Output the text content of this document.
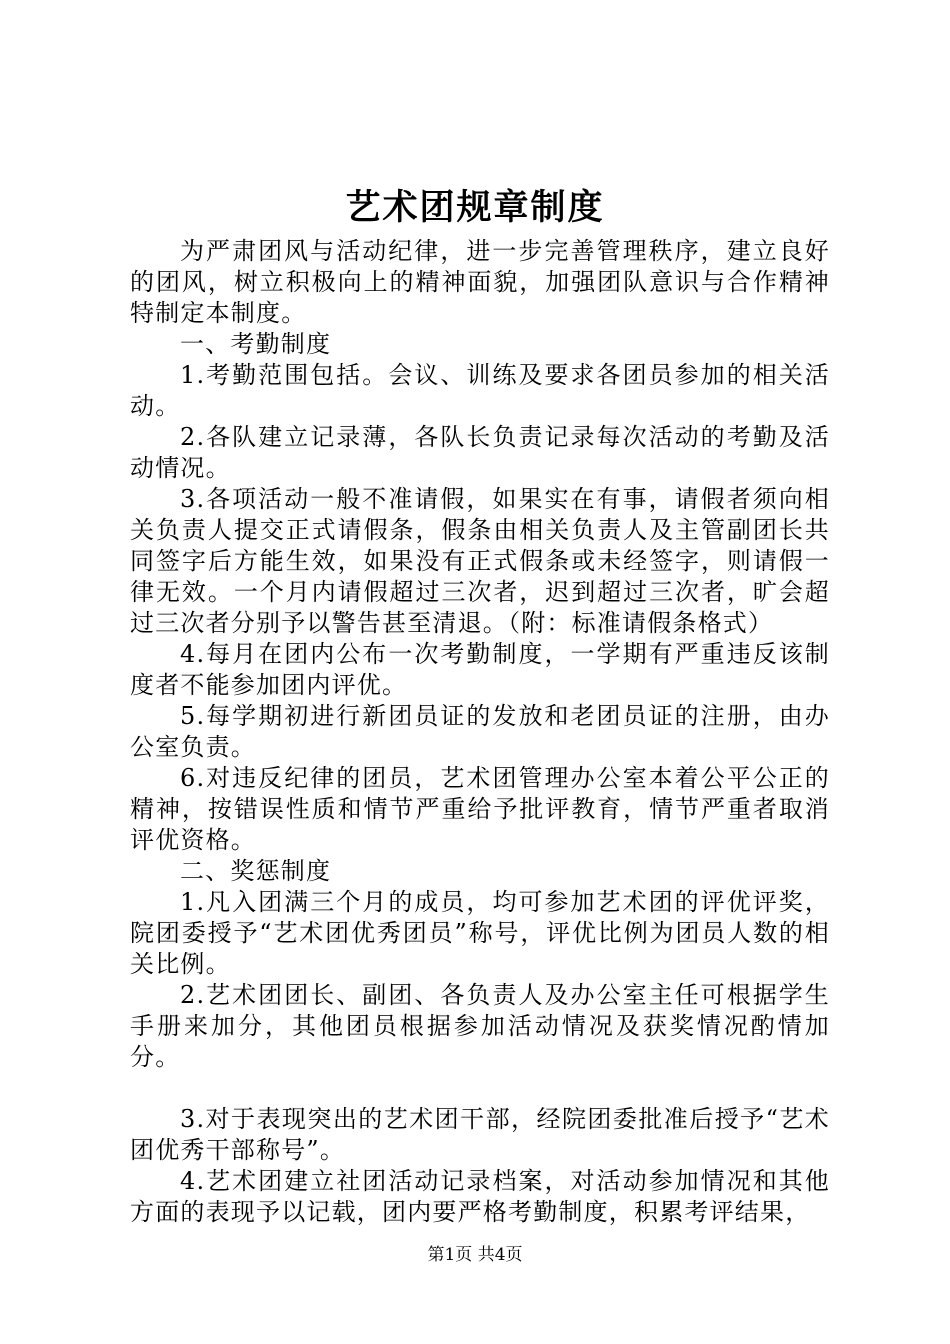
艺术团规章制度

为严肃团风与活动纪律，进一步完善管理秩序，建立良好的团风，树立积极向上的精神面貌，加强团队意识与合作精神特制定本制度。

一、考勤制度

1.考勤范围包括。会议、训练及要求各团员参加的相关活动。

2.各队建立记录薄，各队长负责记录每次活动的考勤及活动情况。

3.各项活动一般不准请假，如果实在有事，请假者须向相关负责人提交正式请假条，假条由相关负责人及主管副团长共同签字后方能生效，如果没有正式假条或未经签字，则请假一律无效。一个月内请假超过三次者，迟到超过三次者，旷会超过三次者分别予以警告甚至清退。（附：标准请假条格式）

4.每月在团内公布一次考勤制度，一学期有严重违反该制度者不能参加团内评优。

5.每学期初进行新团员证的发放和老团员证的注册，由办公室负责。

6.对违反纪律的团员，艺术团管理办公室本着公平公正的精神，按错误性质和情节严重给予批评教育，情节严重者取消评优资格。

二、奖惩制度

1.凡入团满三个月的成员，均可参加艺术团的评优评奖，院团委授予“艺术团优秀团员”称号，评优比例为团员人数的相关比例。

2.艺术团团长、副团、各负责人及办公室主任可根据学生手册来加分，其他团员根据参加活动情况及获奖情况酌情加分。

3.对于表现突出的艺术团干部，经院团委批准后授予“艺术团优秀干部称号”。

4.艺术团建立社团活动记录档案，对活动参加情况和其他方面的表现予以记载，团内要严格考勤制度，积累考评结果，

第1页 共4页
